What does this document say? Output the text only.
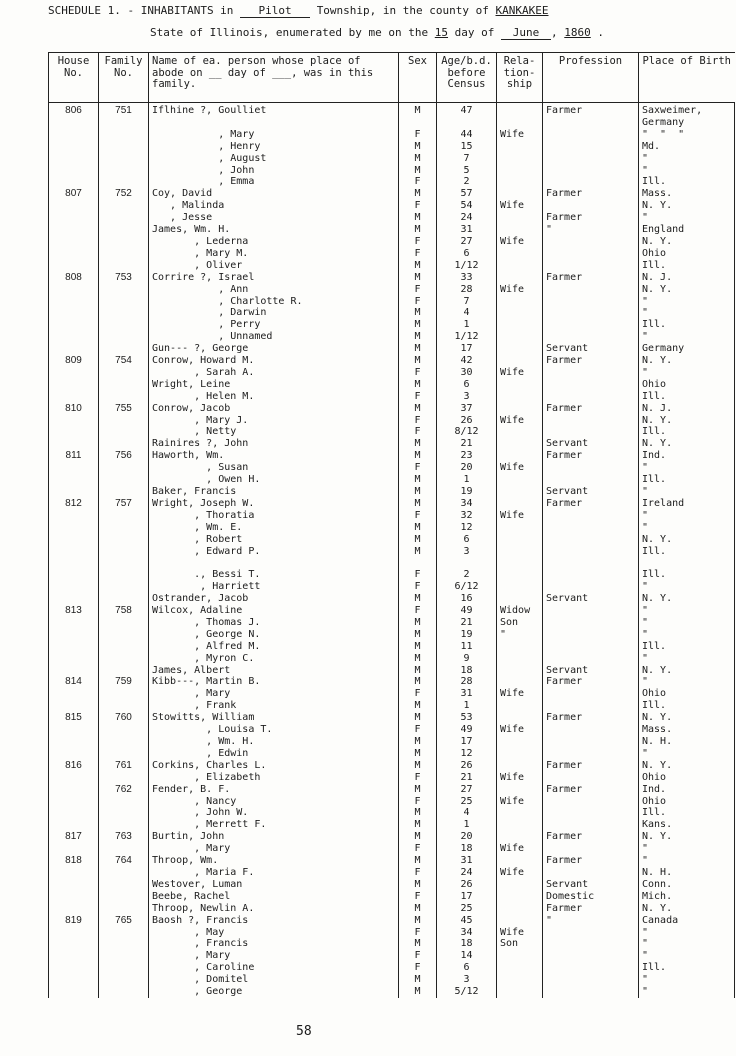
SCHEDULE 1. - INHABITANTS in Pilot Township, in the county of KANKAKEE
State of Illinois, enumerated by me on the 15 day of June , 1860 .
House No.	Family No.	Name of ea. person whose place of abode on __ day of ___, was in this family.	Sex	Age/b.d. before Census	Rela- tion- ship	Profession	Place of Birth
806	751	Iflhine ?, Goulliet	M	47		Farmer	Saxweimer,
							Germany
		, Mary	F	44	Wife		"  "  "
		, Henry	M	15			Md.
		, August	M	7			"
		, John	M	5			"
		, Emma	F	2			Ill.
807	752	Coy, David	M	57		Farmer	Mass.
		, Malinda	F	54	Wife		N. Y.
		, Jesse	M	24		Farmer	"
		James, Wm. H.	M	31		"	England
		, Lederna	F	27	Wife		N. Y.
		, Mary M.	F	6			Ohio
		, Oliver	M	1/12			Ill.
808	753	Corrire ?, Israel	M	33		Farmer	N. J.
		, Ann	F	28	Wife		N. Y.
		, Charlotte R.	F	7			"
		, Darwin	M	4			"
		, Perry	M	1			Ill.
		, Unnamed	M	1/12			"
		Gun--- ?, George	M	17		Servant	Germany
809	754	Conrow, Howard M.	M	42		Farmer	N. Y.
		, Sarah A.	F	30	Wife		"
		Wright, Leine	M	6			Ohio
		, Helen M.	F	3			Ill.
810	755	Conrow, Jacob	M	37		Farmer	N. J.
		, Mary J.	F	26	Wife		N. Y.
		, Netty	F	8/12			Ill.
		Rainires ?, John	M	21		Servant	N. Y.
811	756	Haworth, Wm.	M	23		Farmer	Ind.
		, Susan	F	20	Wife		"
		, Owen H.	M	1			Ill.
		Baker, Francis	M	19		Servant	"
812	757	Wright, Joseph W.	M	34		Farmer	Ireland
		, Thoratia	F	32	Wife		"
		, Wm. E.	M	12			"
		, Robert	M	6			N. Y.
		, Edward P.	M	3			Ill.

		., Bessi T.	F	2			Ill.
		, Harriett	F	6/12			"
		Ostrander, Jacob	M	16		Servant	N. Y.
813	758	Wilcox, Adaline	F	49	Widow		"
		, Thomas J.	M	21	Son		"
		, George N.	M	19	"		"
		, Alfred M.	M	11			Ill.
		, Myron C.	M	9			"
		James, Albert	M	18		Servant	N. Y.
814	759	Kibb---, Martin B.	M	28		Farmer	"
		, Mary	F	31	Wife		Ohio
		, Frank	M	1			Ill.
815	760	Stowitts, William	M	53		Farmer	N. Y.
		, Louisa T.	F	49	Wife		Mass.
		, Wm. H.	M	17			N. H.
		, Edwin	M	12			"
816	761	Corkins, Charles L.	M	26		Farmer	N. Y.
		, Elizabeth	F	21	Wife		Ohio
	762	Fender, B. F.	M	27		Farmer	Ind.
		, Nancy	F	25	Wife		Ohio
		, John W.	M	4			Ill.
		, Merrett F.	M	1			Kans.
817	763	Burtin, John	M	20		Farmer	N. Y.
		, Mary	F	18	Wife		"
818	764	Throop, Wm.	M	31		Farmer	"
		, Maria F.	F	24	Wife		N. H.
		Westover, Luman	M	26		Servant	Conn.
		Beebe, Rachel	F	17		Domestic	Mich.
		Throop, Newlin A.	M	25		Farmer	N. Y.
819	765	Baosh ?, Francis	M	45		"	Canada
		, May	F	34	Wife		"
		, Francis	M	18	Son		"
		, Mary	F	14			"
		, Caroline	F	6			Ill.
		, Domitel	M	3			"
		, George	M	5/12			"
58
